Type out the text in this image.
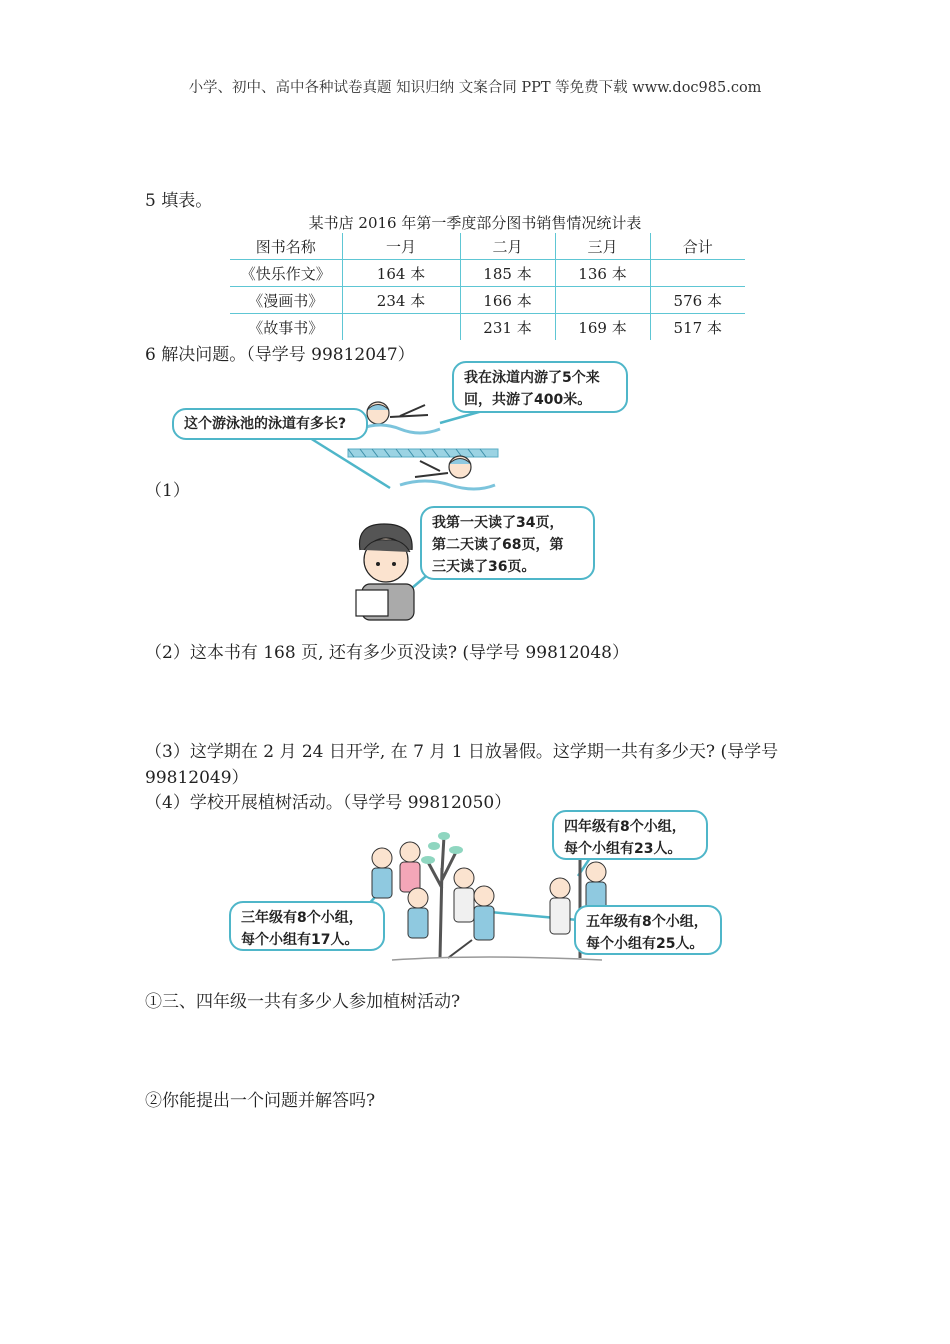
小学、初中、高中各种试卷真题 知识归纳 文案合同 PPT 等免费下载 www.doc985.com
5 填表。
某书店 2016 年第一季度部分图书销售情况统计表
图书名称	一月	二月	三月	合计
《快乐作文》	164 本	185 本	136 本	
《漫画书》	234 本	166 本		576 本
《故事书》		231 本	169 本	517 本
6 解决问题。（导学号 99812047）
这个游泳池的泳道有多长?
我在泳道内游了5个来
回，共游了400米。
（1）
我第一天读了34页，
第二天读了68页，第
三天读了36页。
（2）这本书有 168 页, 还有多少页没读? (导学号 99812048）
（3）这学期在 2 月 24 日开学, 在 7 月 1 日放暑假。这学期一共有多少天? (导学号
99812049）
（4）学校开展植树活动。（导学号 99812050）
四年级有8个小组，
每个小组有23人。
三年级有8个小组，
每个小组有17人。
五年级有8个小组，
每个小组有25人。
①三、四年级一共有多少人参加植树活动?
②你能提出一个问题并解答吗?
